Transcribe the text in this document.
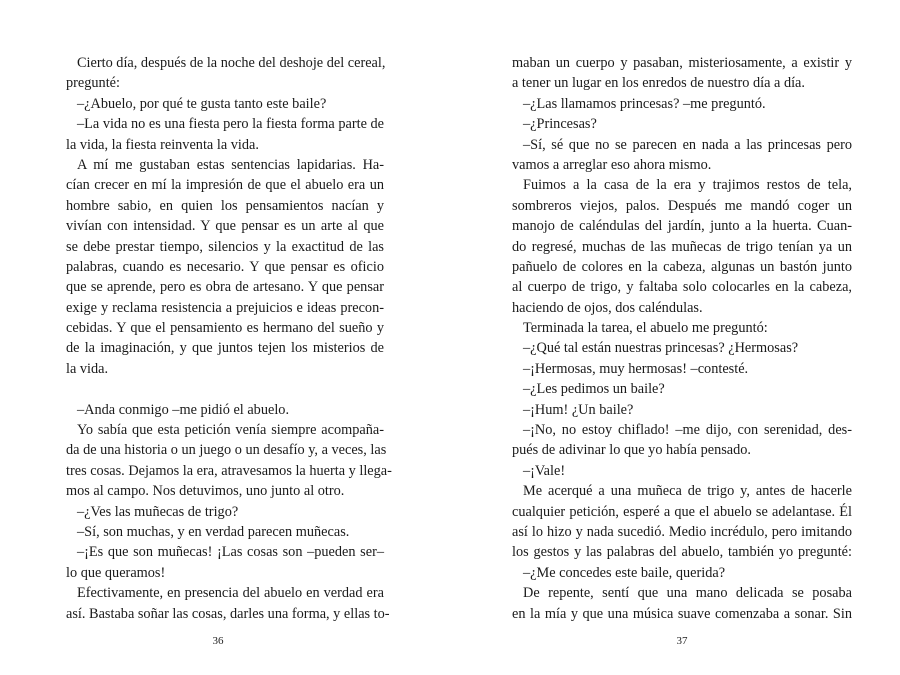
Cierto día, después de la noche del deshoje del cereal,
pregunté:
–¿Abuelo, por qué te gusta tanto este baile?
–La vida no es una fiesta pero la fiesta forma parte de
la vida, la fiesta reinventa la vida.
A mí me gustaban estas sentencias lapidarias. Ha-
cían crecer en mí la impresión de que el abuelo era un
hombre sabio, en quien los pensamientos nacían y
vivían con intensidad. Y que pensar es un arte al que
se debe prestar tiempo, silencios y la exactitud de las
palabras, cuando es necesario. Y que pensar es oficio
que se aprende, pero es obra de artesano. Y que pensar
exige y reclama resistencia a prejuicios e ideas precon-
cebidas. Y que el pensamiento es hermano del sueño y
de la imaginación, y que juntos tejen los misterios de
la vida.
–Anda conmigo –me pidió el abuelo.
Yo sabía que esta petición venía siempre acompaña-
da de una historia o un juego o un desafío y, a veces, las
tres cosas. Dejamos la era, atravesamos la huerta y llega-
mos al campo. Nos detuvimos, uno junto al otro.
–¿Ves las muñecas de trigo?
–Sí, son muchas, y en verdad parecen muñecas.
–¡Es que son muñecas! ¡Las cosas son –pueden ser–
lo que queramos!
Efectivamente, en presencia del abuelo en verdad era
así. Bastaba soñar las cosas, darles una forma, y ellas to-
maban un cuerpo y pasaban, misteriosamente, a existir y
a tener un lugar en los enredos de nuestro día a día.
–¿Las llamamos princesas? –me preguntó.
–¿Princesas?
–Sí, sé que no se parecen en nada a las princesas pero
vamos a arreglar eso ahora mismo.
Fuimos a la casa de la era y trajimos restos de tela,
sombreros viejos, palos. Después me mandó coger un
manojo de caléndulas del jardín, junto a la huerta. Cuan-
do regresé, muchas de las muñecas de trigo tenían ya un
pañuelo de colores en la cabeza, algunas un bastón junto
al cuerpo de trigo, y faltaba solo colocarles en la cabeza,
haciendo de ojos, dos caléndulas.
Terminada la tarea, el abuelo me preguntó:
–¿Qué tal están nuestras princesas? ¿Hermosas?
–¡Hermosas, muy hermosas! –contesté.
–¿Les pedimos un baile?
–¡Hum! ¿Un baile?
–¡No, no estoy chiflado! –me dijo, con serenidad, des-
pués de adivinar lo que yo había pensado.
–¡Vale!
Me acerqué a una muñeca de trigo y, antes de hacerle
cualquier petición, esperé a que el abuelo se adelantase. Él
así lo hizo y nada sucedió. Medio incrédulo, pero imitando
los gestos y las palabras del abuelo, también yo pregunté:
–¿Me concedes este baile, querida?
De repente, sentí que una mano delicada se posaba
en la mía y que una música suave comenzaba a sonar. Sin
36	37
